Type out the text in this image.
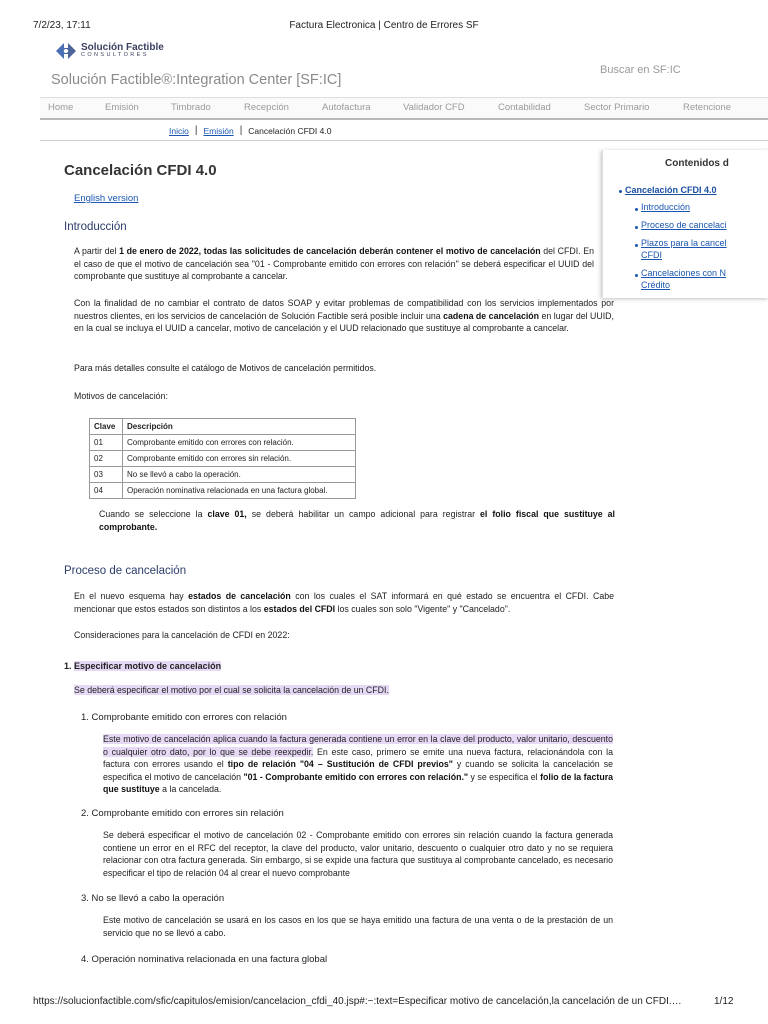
7/2/23, 17:11	Factura Electronica | Centro de Errores SF
Solución Factible
CONSULTORES
Buscar en SF:IC
Solución Factible®:Integration Center [SF:IC]
Home	Emisión	Timbrado	Recepción	Autofactura	Validador CFD	Contabilidad	Sector Primario	Retencione
Inicio | Emisión | Cancelación CFDI 4.0
Contenidos d
Cancelación CFDI 4.0
Introducción
Proceso de cancelaci
Plazos para la cancel
CFDI
Cancelaciones con N
Crédito
Cancelación CFDI 4.0
English version
Introducción
A partir del 1 de enero de 2022, todas las solicitudes de cancelación deberán contener el motivo de cancelación del CFDI. En el caso de que el motivo de cancelación sea "01 - Comprobante emitido con errores con relación" se deberá especificar el UUID del comprobante que sustituye al comprobante a cancelar.
Con la finalidad de no cambiar el contrato de datos SOAP y evitar problemas de compatibilidad con los servicios implementados por nuestros clientes, en los servicios de cancelación de Solución Factible será posible incluir una cadena de cancelación en lugar del UUID, en la cual se incluya el UUID a cancelar, motivo de cancelación y el UUD relacionado que sustituye al comprobante a cancelar.
Para más detalles consulte el catálogo de Motivos de cancelación permitidos.
Motivos de cancelación:
Clave	Descripción
01	Comprobante emitido con errores con relación.
02	Comprobante emitido con errores sin relación.
03	No se llevó a cabo la operación.
04	Operación nominativa relacionada en una factura global.
Cuando se seleccione la clave 01, se deberá habilitar un campo adicional para registrar el folio fiscal que sustituye al comprobante.
Proceso de cancelación
En el nuevo esquema hay estados de cancelación con los cuales el SAT informará en qué estado se encuentra el CFDI. Cabe mencionar que estos estados son distintos a los estados del CFDI los cuales son solo "Vigente" y "Cancelado".
Consideraciones para la cancelación de CFDI en 2022:
1. Especificar motivo de cancelación
Se deberá especificar el motivo por el cual se solicita la cancelación de un CFDI.
1. Comprobante emitido con errores con relación
Este motivo de cancelación aplica cuando la factura generada contiene un error en la clave del producto, valor unitario, descuento o cualquier otro dato, por lo que se debe reexpedir. En este caso, primero se emite una nueva factura, relacionándola con la factura con errores usando el tipo de relación "04 – Sustitución de CFDI previos" y cuando se solicita la cancelación se especifica el motivo de cancelación "01 - Comprobante emitido con errores con relación." y se especifica el folio de la factura que sustituye a la cancelada.
2. Comprobante emitido con errores sin relación
Se deberá especificar el motivo de cancelación 02 - Comprobante emitido con errores sin relación cuando la factura generada contiene un error en el RFC del receptor, la clave del producto, valor unitario, descuento o cualquier otro dato y no se requiera relacionar con otra factura generada. Sin embargo, si se expide una factura que sustituya al comprobante cancelado, es necesario especificar el tipo de relación 04 al crear el nuevo comprobante
3. No se llevó a cabo la operación
Este motivo de cancelación se usará en los casos en los que se haya emitido una factura de una venta o de la prestación de un servicio que no se llevó a cabo.
4. Operación nominativa relacionada en una factura global
https://solucionfactible.com/sfic/capitulos/emision/cancelacion_cfdi_40.jsp#:~:text=Especificar motivo de cancelación,la cancelación de un CFDI.…	1/12
